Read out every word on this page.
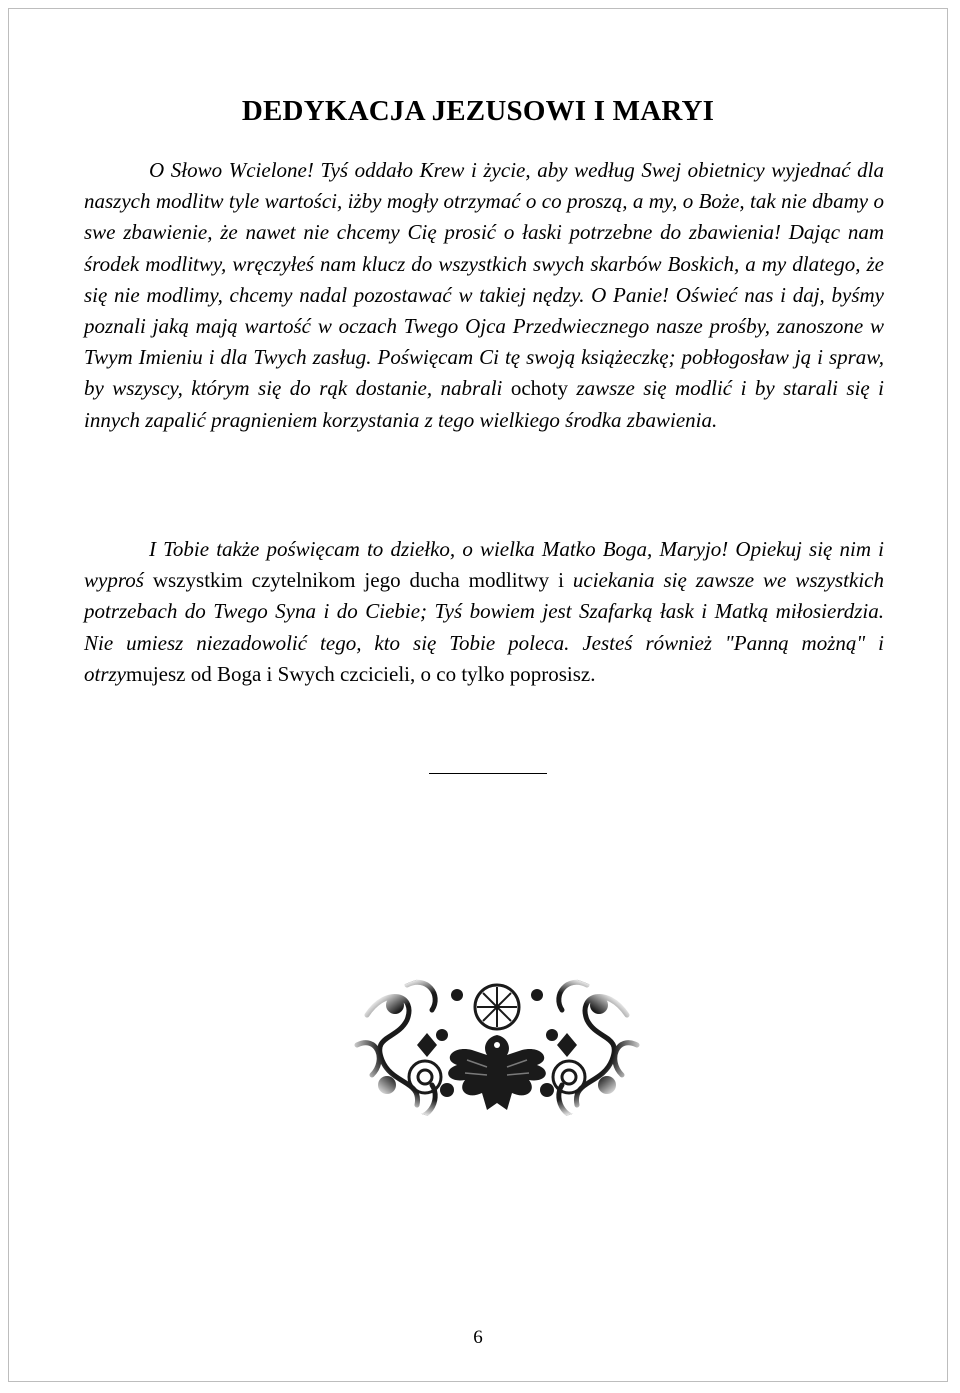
DEDYKACJA JEZUSOWI I MARYI

O Słowo Wcielone! Tyś oddało Krew i życie, aby według Swej obietnicy wyjednać dla naszych modlitw tyle wartości, iżby mogły otrzymać o co proszą, a my, o Boże, tak nie dbamy o swe zbawienie, że nawet nie chcemy Cię prosić o łaski potrzebne do zbawienia! Dając nam środek modlitwy, wręczyłeś nam klucz do wszystkich swych skarbów Boskich, a my dlatego, że się nie modlimy, chcemy nadal pozostawać w takiej nędzy. O Panie! Oświeć nas i daj, byśmy poznali jaką mają wartość w oczach Twego Ojca Przedwiecznego nasze prośby, zanoszone w Twym Imieniu i dla Twych zasług. Poświęcam Ci tę swoją książeczkę; pobłogosław ją i spraw, by wszyscy, którym się do rąk dostanie, nabrali ochoty zawsze się modlić i by starali się i innych zapalić pragnieniem korzystania z tego wielkiego środka zbawienia.

I Tobie także poświęcam to dziełko, o wielka Matko Boga, Maryjo! Opiekuj się nim i wyproś wszystkim czytelnikom jego ducha modlitwy i uciekania się zawsze we wszystkich potrzebach do Twego Syna i do Ciebie; Tyś bowiem jest Szafarką łask i Matką miłosierdzia. Nie umiesz niezadowolić tego, kto się Tobie poleca. Jesteś również "Panną możną" i otrzymujesz od Boga i Swych czcicieli, o co tylko poprosisz.

6
